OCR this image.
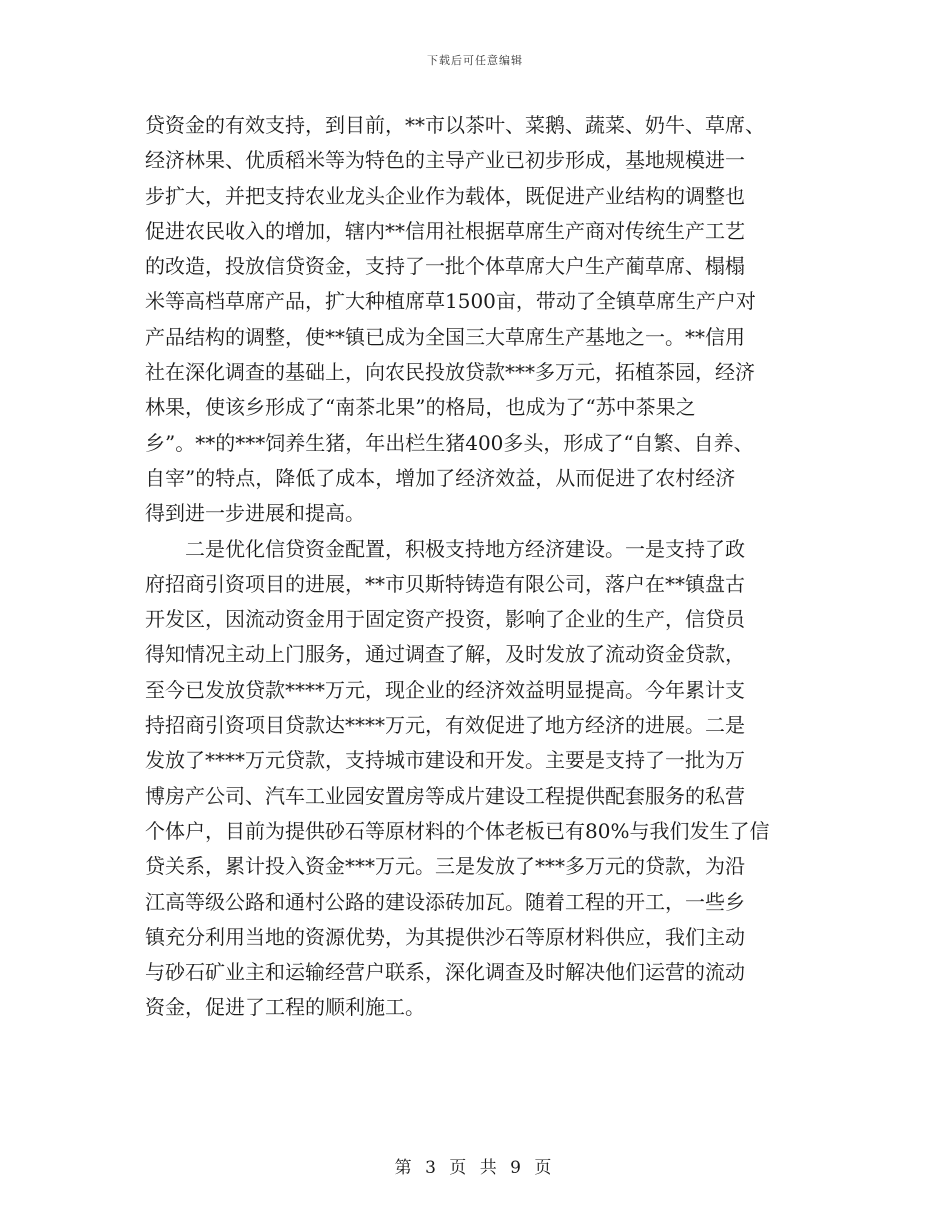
下载后可任意编辑
贷资金的有效支持，到目前，**市以茶叶、菜鹅、蔬菜、奶牛、草席、
经济林果、优质稻米等为特色的主导产业已初步形成，基地规模进一
步扩大，并把支持农业龙头企业作为载体，既促进产业结构的调整也
促进农民收入的增加，辖内**信用社根据草席生产商对传统生产工艺
的改造，投放信贷资金，支持了一批个体草席大户生产蔺草席、榻榻
米等高档草席产品，扩大种植席草1500亩，带动了全镇草席生产户对
产品结构的调整，使**镇已成为全国三大草席生产基地之一。**信用
社在深化调查的基础上，向农民投放贷款***多万元，拓植茶园，经济
林果，使该乡形成了“南茶北果”的格局，也成为了“苏中茶果之
乡”。**的***饲养生猪，年出栏生猪400多头，形成了“自繁、自养、
自宰”的特点，降低了成本，增加了经济效益，从而促进了农村经济
得到进一步进展和提高。
二是优化信贷资金配置，积极支持地方经济建设。一是支持了政
府招商引资项目的进展，**市贝斯特铸造有限公司，落户在**镇盘古
开发区，因流动资金用于固定资产投资，影响了企业的生产，信贷员
得知情况主动上门服务，通过调查了解，及时发放了流动资金贷款，
至今已发放贷款****万元，现企业的经济效益明显提高。今年累计支
持招商引资项目贷款达****万元，有效促进了地方经济的进展。二是
发放了****万元贷款，支持城市建设和开发。主要是支持了一批为万
博房产公司、汽车工业园安置房等成片建设工程提供配套服务的私营
个体户，目前为提供砂石等原材料的个体老板已有80%与我们发生了信
贷关系，累计投入资金***万元。三是发放了***多万元的贷款，为沿
江高等级公路和通村公路的建设添砖加瓦。随着工程的开工，一些乡
镇充分利用当地的资源优势，为其提供沙石等原材料供应，我们主动
与砂石矿业主和运输经营户联系，深化调查及时解决他们运营的流动
资金，促进了工程的顺利施工。
第 3 页 共 9 页
